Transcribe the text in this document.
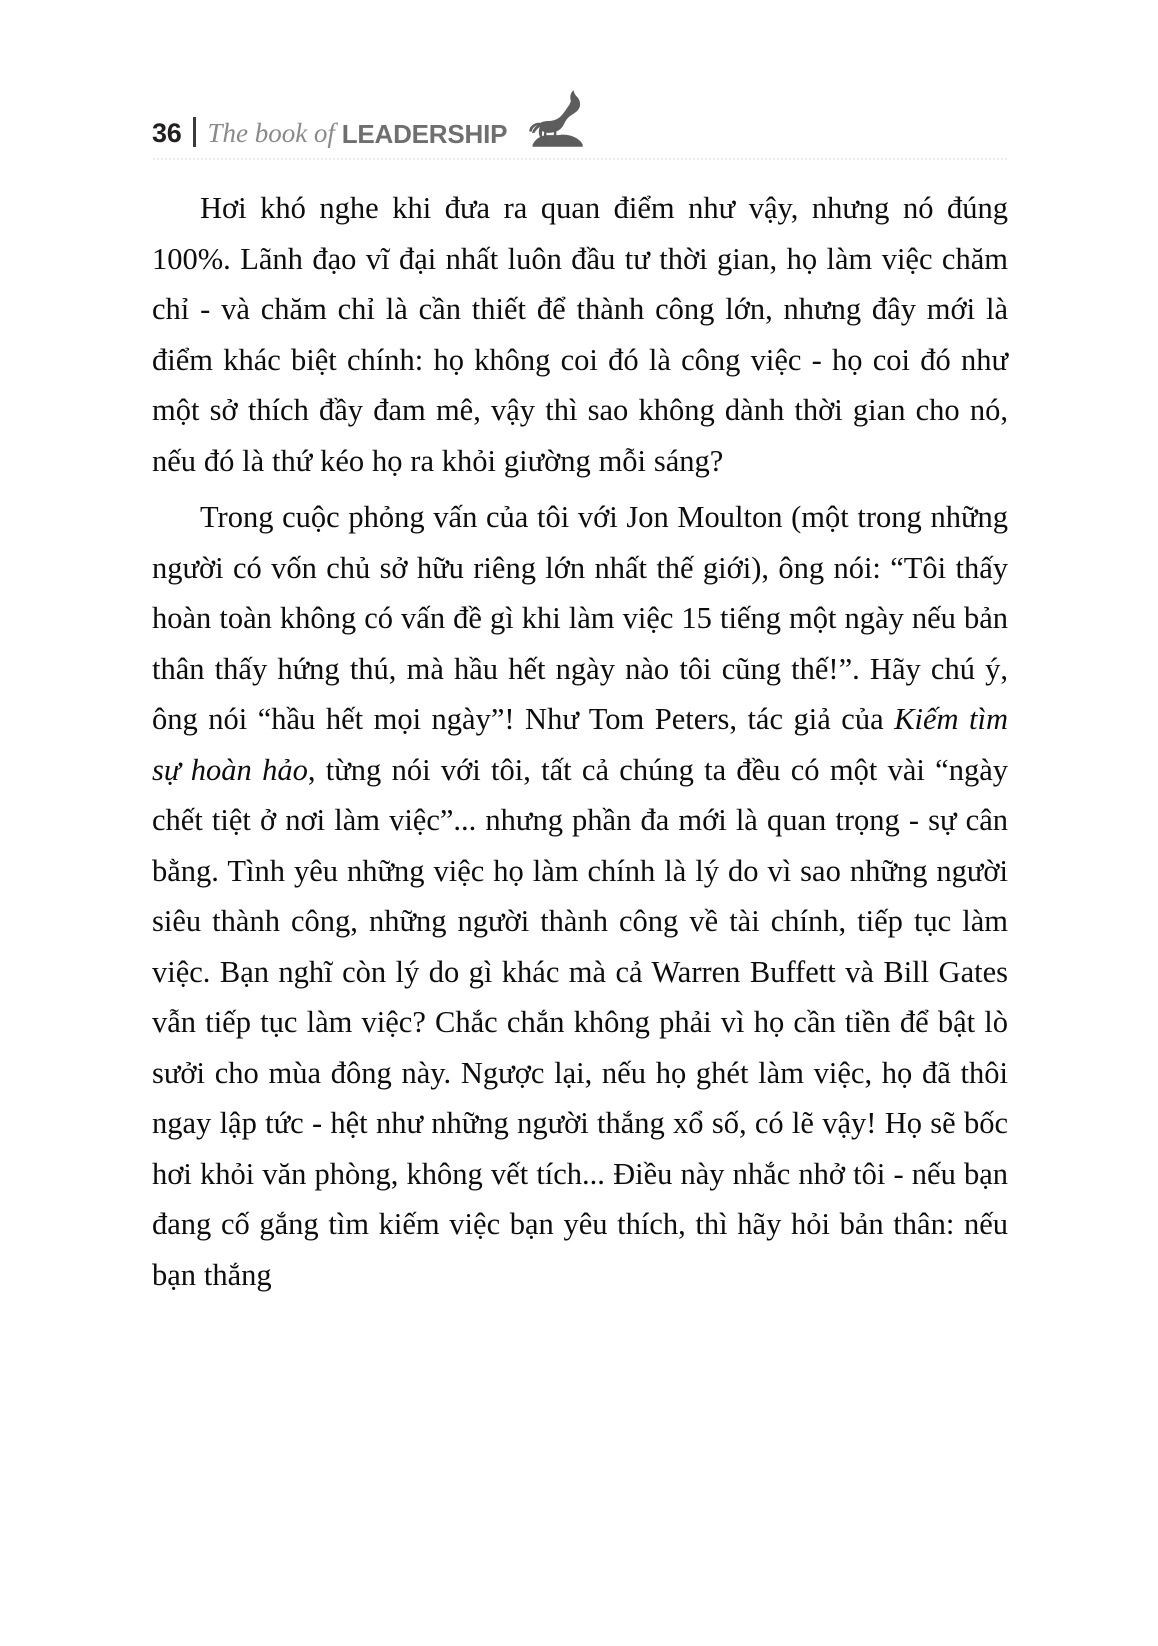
36 The book of LEADERSHIP

Hơi khó nghe khi đưa ra quan điểm như vậy, nhưng nó đúng 100%. Lãnh đạo vĩ đại nhất luôn đầu tư thời gian, họ làm việc chăm chỉ - và chăm chỉ là cần thiết để thành công lớn, nhưng đây mới là điểm khác biệt chính: họ không coi đó là công việc - họ coi đó như một sở thích đầy đam mê, vậy thì sao không dành thời gian cho nó, nếu đó là thứ kéo họ ra khỏi giường mỗi sáng?

Trong cuộc phỏng vấn của tôi với Jon Moulton (một trong những người có vốn chủ sở hữu riêng lớn nhất thế giới), ông nói: “Tôi thấy hoàn toàn không có vấn đề gì khi làm việc 15 tiếng một ngày nếu bản thân thấy hứng thú, mà hầu hết ngày nào tôi cũng thế!”. Hãy chú ý, ông nói “hầu hết mọi ngày”! Như Tom Peters, tác giả của Kiếm tìm sự hoàn hảo, từng nói với tôi, tất cả chúng ta đều có một vài “ngày chết tiệt ở nơi làm việc”... nhưng phần đa mới là quan trọng - sự cân bằng. Tình yêu những việc họ làm chính là lý do vì sao những người siêu thành công, những người thành công về tài chính, tiếp tục làm việc. Bạn nghĩ còn lý do gì khác mà cả Warren Buffett và Bill Gates vẫn tiếp tục làm việc? Chắc chắn không phải vì họ cần tiền để bật lò sưởi cho mùa đông này. Ngược lại, nếu họ ghét làm việc, họ đã thôi ngay lập tức - hệt như những người thắng xổ số, có lẽ vậy! Họ sẽ bốc hơi khỏi văn phòng, không vết tích... Điều này nhắc nhở tôi - nếu bạn đang cố gắng tìm kiếm việc bạn yêu thích, thì hãy hỏi bản thân: nếu bạn thắng
